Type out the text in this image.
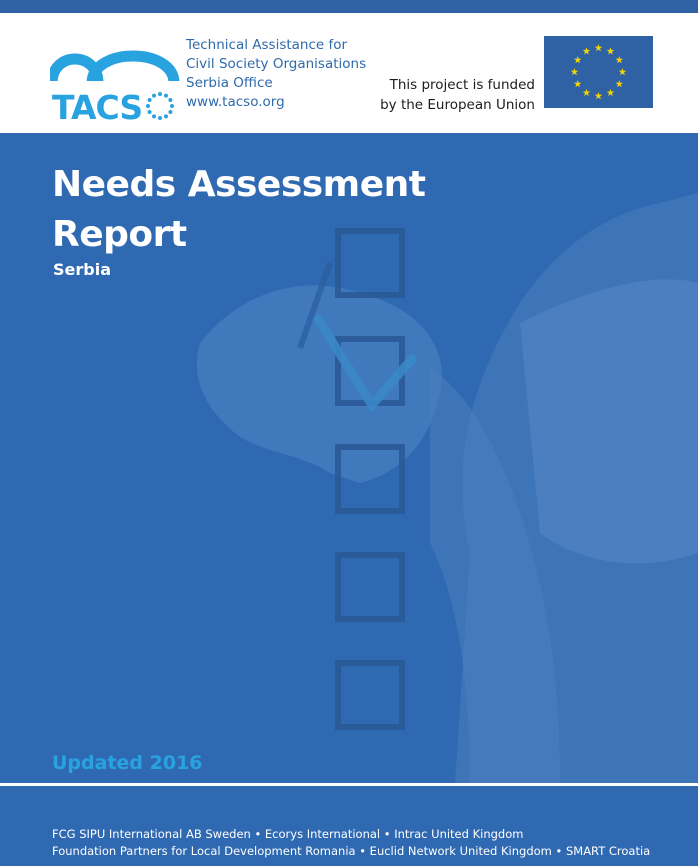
TACS
Technical Assistance for
Civil Society Organisations
Serbia Office
www.tacso.org
This project is funded
by the European Union
Needs Assessment
Report
Serbia
Updated 2016
FCG SIPU International AB Sweden • Ecorys International • Intrac United Kingdom
Foundation Partners for Local Development Romania • Euclid Network United Kingdom • SMART Croatia
